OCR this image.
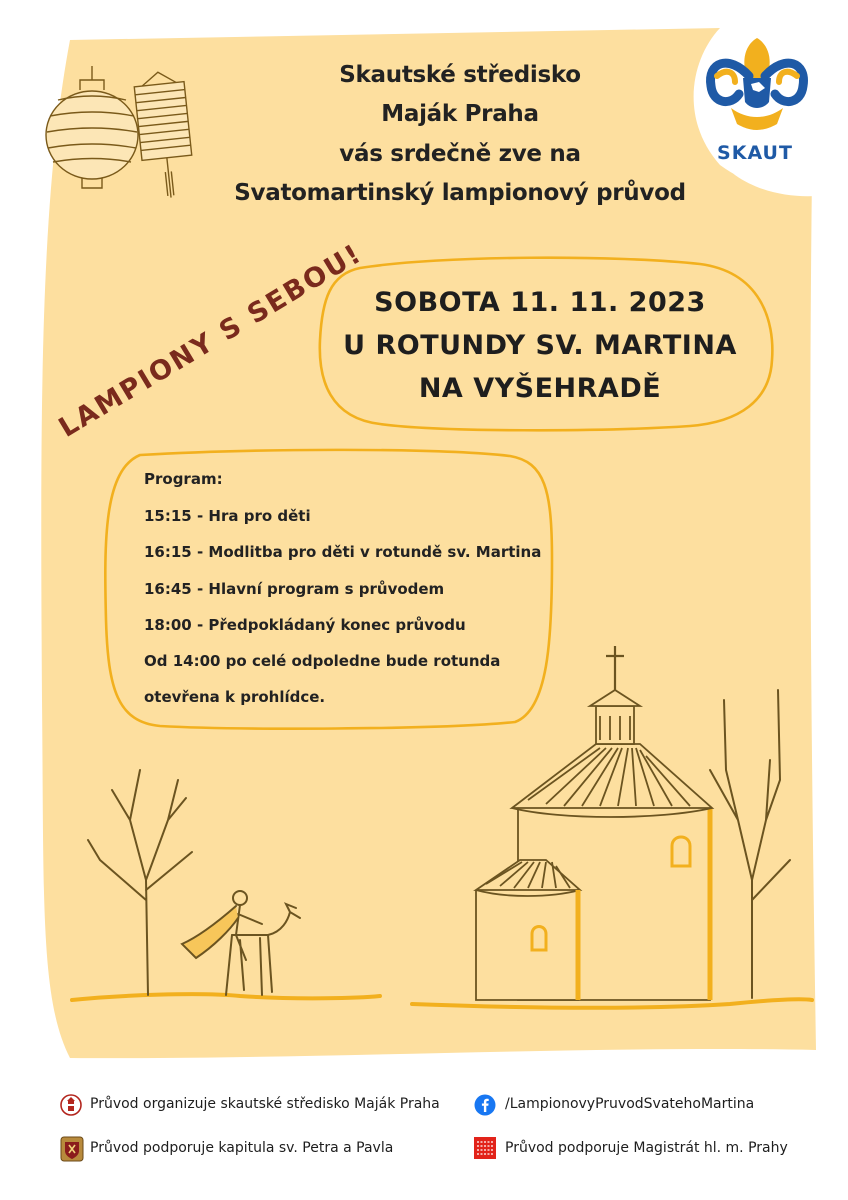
Skautské středisko
Maják Praha
vás srdečně zve na
Svatomartinský lampionový průvod
SKAUT
LAMPIONY S SEBOU! SOBOTA 11. 11. 2023
U ROTUNDY SV. MARTINA
NA VYŠEHRADĚ
Program:
15:15 - Hra pro děti
16:15 - Modlitba pro děti v rotundě sv. Martina
16:45 - Hlavní program s průvodem
18:00 - Předpokládaný konec průvodu
Od 14:00 po celé odpoledne bude rotunda
otevřena k prohlídce.
Průvod organizuje skautské středisko Maják Praha	/LampionovyPruvodSvatehoMartina
Průvod podporuje kapitula sv. Petra a Pavla	Průvod podporuje Magistrát hl. m. Prahy
